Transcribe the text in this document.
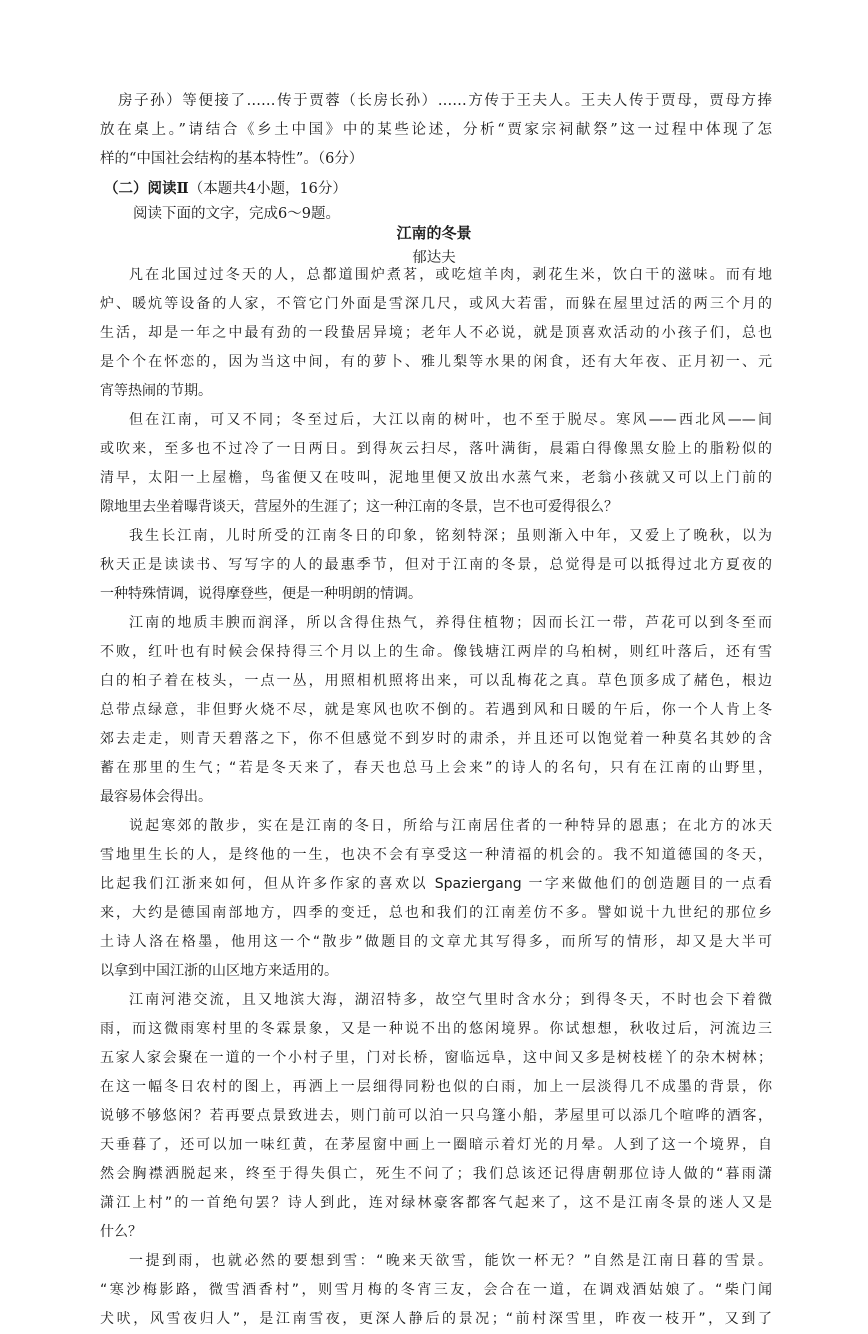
房子孙）等便接了……传于贾蓉（长房长孙）……方传于王夫人。王夫人传于贾母，贾母方捧
放在桌上。”请结合《乡土中国》中的某些论述，分析“贾家宗祠献祭”这一过程中体现了怎
样的“中国社会结构的基本特性”。（6分）
（二）阅读Ⅱ（本题共4小题，16分）
阅读下面的文字，完成6～9题。
江南的冬景
郁达夫
凡在北国过过冬天的人，总都道围炉煮茗，或吃煊羊肉，剥花生米，饮白干的滋味。而有地
炉、暖炕等设备的人家，不管它门外面是雪深几尺，或风大若雷，而躲在屋里过活的两三个月的
生活，却是一年之中最有劲的一段蛰居异境；老年人不必说，就是顶喜欢活动的小孩子们，总也
是个个在怀恋的，因为当这中间，有的萝卜、雅儿梨等水果的闲食，还有大年夜、正月初一、元
宵等热闹的节期。
但在江南，可又不同；冬至过后，大江以南的树叶，也不至于脱尽。寒风——西北风——间
或吹来，至多也不过冷了一日两日。到得灰云扫尽，落叶满街，晨霜白得像黑女脸上的脂粉似的
清早，太阳一上屋檐，鸟雀便又在吱叫，泥地里便又放出水蒸气来，老翁小孩就又可以上门前的
隙地里去坐着曝背谈天，营屋外的生涯了；这一种江南的冬景，岂不也可爱得很么？
我生长江南，儿时所受的江南冬日的印象，铭刻特深；虽则渐入中年，又爱上了晚秋，以为
秋天正是读读书、写写字的人的最惠季节，但对于江南的冬景，总觉得是可以抵得过北方夏夜的
一种特殊情调，说得摩登些，便是一种明朗的情调。
江南的地质丰腴而润泽，所以含得住热气，养得住植物；因而长江一带，芦花可以到冬至而
不败，红叶也有时候会保持得三个月以上的生命。像钱塘江两岸的乌桕树，则红叶落后，还有雪
白的桕子着在枝头，一点一丛，用照相机照将出来，可以乱梅花之真。草色顶多成了赭色，根边
总带点绿意，非但野火烧不尽，就是寒风也吹不倒的。若遇到风和日暖的午后，你一个人肯上冬
郊去走走，则青天碧落之下，你不但感觉不到岁时的肃杀，并且还可以饱觉着一种莫名其妙的含
蓄在那里的生气；“若是冬天来了，春天也总马上会来”的诗人的名句，只有在江南的山野里，
最容易体会得出。
说起寒郊的散步，实在是江南的冬日，所给与江南居住者的一种特异的恩惠；在北方的冰天
雪地里生长的人，是终他的一生，也决不会有享受这一种清福的机会的。我不知道德国的冬天，
比起我们江浙来如何，但从许多作家的喜欢以 Spaziergang 一字来做他们的创造题目的一点看
来，大约是德国南部地方，四季的变迁，总也和我们的江南差仿不多。譬如说十九世纪的那位乡
土诗人洛在格墨，他用这一个“散步”做题目的文章尤其写得多，而所写的情形，却又是大半可
以拿到中国江浙的山区地方来适用的。
江南河港交流，且又地滨大海，湖沼特多，故空气里时含水分；到得冬天，不时也会下着微
雨，而这微雨寒村里的冬霖景象，又是一种说不出的悠闲境界。你试想想，秋收过后，河流边三
五家人家会聚在一道的一个小村子里，门对长桥，窗临远阜，这中间又多是树枝槎丫的杂木树林；
在这一幅冬日农村的图上，再洒上一层细得同粉也似的白雨，加上一层淡得几不成墨的背景，你
说够不够悠闲？若再要点景致进去，则门前可以泊一只乌篷小船，茅屋里可以添几个喧哗的酒客，
天垂暮了，还可以加一味红黄，在茅屋窗中画上一圈暗示着灯光的月晕。人到了这一个境界，自
然会胸襟洒脱起来，终至于得失俱亡，死生不问了；我们总该还记得唐朝那位诗人做的“暮雨潇
潇江上村”的一首绝句罢？诗人到此，连对绿林豪客都客气起来了，这不是江南冬景的迷人又是
什么？
一提到雨，也就必然的要想到雪：“晚来天欲雪，能饮一杯无？”自然是江南日暮的雪景。
“寒沙梅影路，微雪酒香村”，则雪月梅的冬宵三友，会合在一道，在调戏酒姑娘了。“柴门闻
犬吠，风雪夜归人”，是江南雪夜，更深人静后的景况；“前村深雪里，昨夜一枝开”，又到了
